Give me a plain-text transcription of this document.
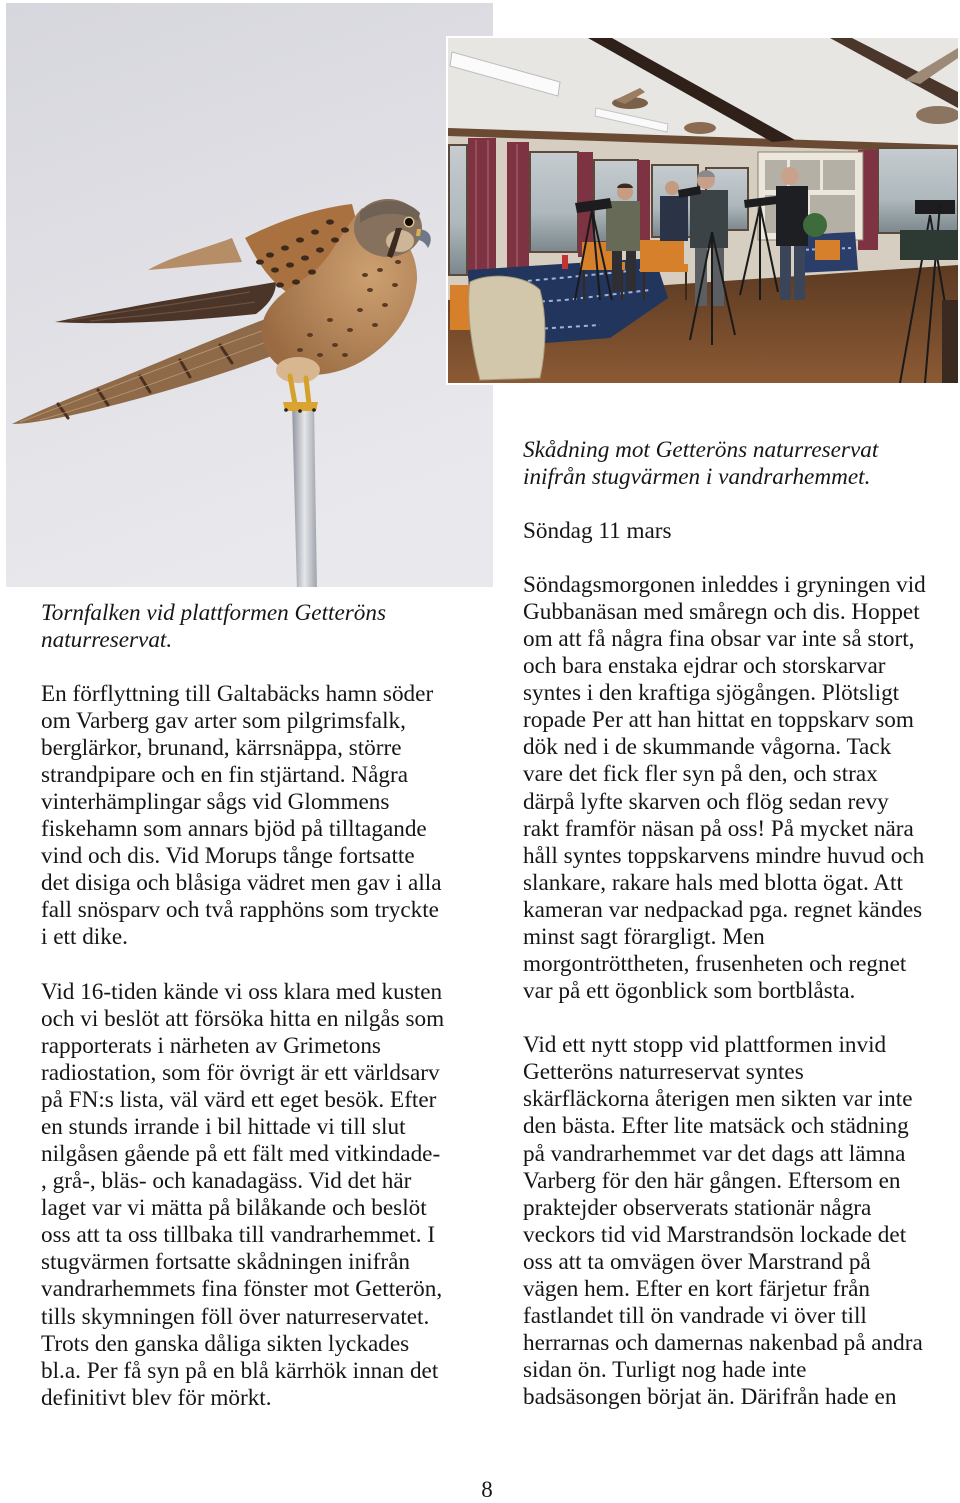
Tornfalken vid plattformen Getteröns
naturreservat.
En förflyttning till Galtabäcks hamn söder
om Varberg gav arter som pilgrimsfalk,
berglärkor, brunand, kärrsnäppa, större
strandpipare och en fin stjärtand. Några
vinterhämplingar sågs vid Glommens
fiskehamn som annars bjöd på tilltagande
vind och dis. Vid Morups tånge fortsatte
det disiga och blåsiga vädret men gav i alla
fall snösparv och två rapphöns som tryckte
i ett dike.
Vid 16-tiden kände vi oss klara med kusten
och vi beslöt att försöka hitta en nilgås som
rapporterats i närheten av Grimetons
radiostation, som för övrigt är ett världsarv
på FN:s lista, väl värd ett eget besök. Efter
en stunds irrande i bil hittade vi till slut
nilgåsen gående på ett fält med vitkindade-
, grå-, bläs- och kanadagäss. Vid det här
laget var vi mätta på bilåkande och beslöt
oss att ta oss tillbaka till vandrarhemmet. I
stugvärmen fortsatte skådningen inifrån
vandrarhemmets fina fönster mot Getterön,
tills skymningen föll över naturreservatet.
Trots den ganska dåliga sikten lyckades
bl.a. Per få syn på en blå kärrhök innan det
definitivt blev för mörkt.
Skådning mot Getteröns naturreservat
inifrån stugvärmen i vandrarhemmet.
Söndag 11 mars
Söndagsmorgonen inleddes i gryningen vid
Gubbanäsan med småregn och dis. Hoppet
om att få några fina obsar var inte så stort,
och bara enstaka ejdrar och storskarvar
syntes i den kraftiga sjögången. Plötsligt
ropade Per att han hittat en toppskarv som
dök ned i de skummande vågorna. Tack
vare det fick fler syn på den, och strax
därpå lyfte skarven och flög sedan revy
rakt framför näsan på oss! På mycket nära
håll syntes toppskarvens mindre huvud och
slankare, rakare hals med blotta ögat. Att
kameran var nedpackad pga. regnet kändes
minst sagt förargligt. Men
morgontröttheten, frusenheten och regnet
var på ett ögonblick som bortblåsta.
Vid ett nytt stopp vid plattformen invid
Getteröns naturreservat syntes
skärfläckorna återigen men sikten var inte
den bästa. Efter lite matsäck och städning
på vandrarhemmet var det dags att lämna
Varberg för den här gången. Eftersom en
praktejder observerats stationär några
veckors tid vid Marstrandsön lockade det
oss att ta omvägen över Marstrand på
vägen hem. Efter en kort färjetur från
fastlandet till ön vandrade vi över till
herrarnas och damernas nakenbad på andra
sidan ön. Turligt nog hade inte
badsäsongen börjat än. Därifrån hade en
8
